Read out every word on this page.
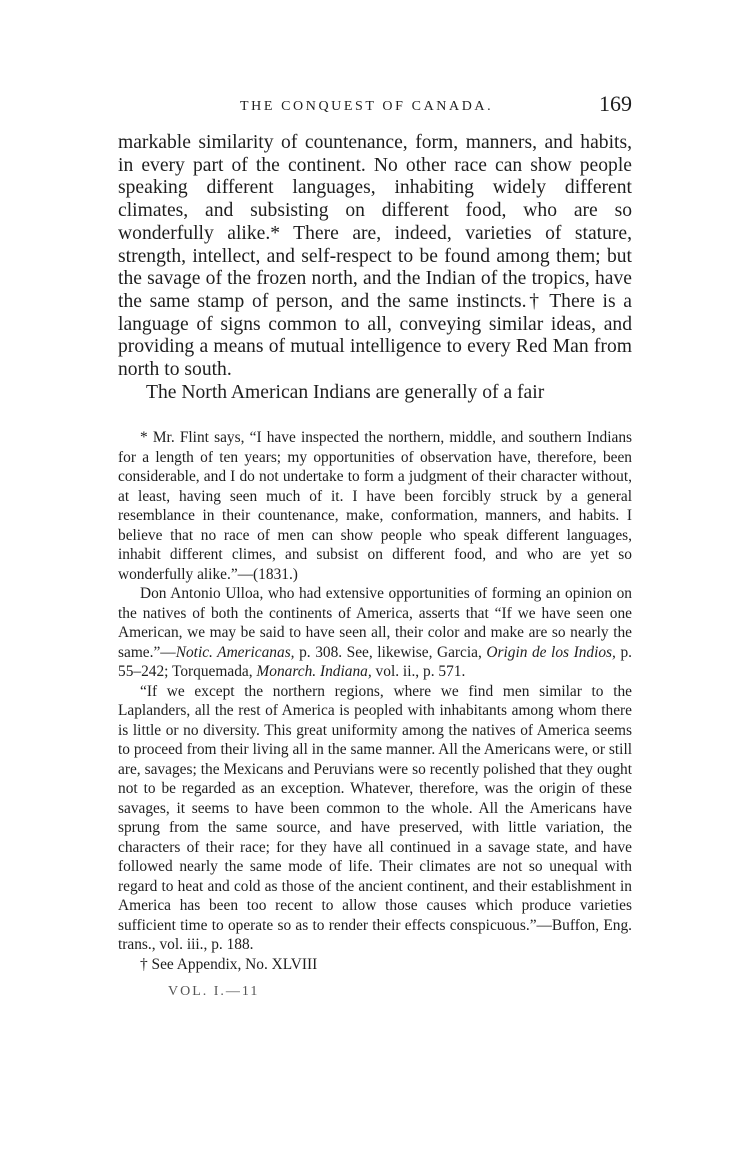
THE CONQUEST OF CANADA.	169

markable similarity of countenance, form, manners, and habits, in every part of the continent. No other race can show people speaking different languages, inhabiting widely different climates, and subsisting on different food, who are so wonderfully alike.* There are, indeed, varieties of stature, strength, intellect, and self-respect to be found among them; but the savage of the frozen north, and the Indian of the tropics, have the same stamp of person, and the same instincts.† There is a language of signs common to all, conveying similar ideas, and providing a means of mutual intelligence to every Red Man from north to south.

The North American Indians are generally of a fair

* Mr. Flint says, “I have inspected the northern, middle, and southern Indians for a length of ten years; my opportunities of observation have, therefore, been considerable, and I do not undertake to form a judgment of their character without, at least, having seen much of it. I have been forcibly struck by a general resemblance in their countenance, make, conformation, manners, and habits. I believe that no race of men can show people who speak different languages, inhabit different climes, and subsist on different food, and who are yet so wonderfully alike.”—(1831.)

Don Antonio Ulloa, who had extensive opportunities of forming an opinion on the natives of both the continents of America, asserts that “If we have seen one American, we may be said to have seen all, their color and make are so nearly the same.”—Notic. Americanas, p. 308. See, likewise, Garcia, Origin de los Indios, p. 55–242; Torquemada, Monarch. Indiana, vol. ii., p. 571.

“If we except the northern regions, where we find men similar to the Laplanders, all the rest of America is peopled with inhabitants among whom there is little or no diversity. This great uniformity among the natives of America seems to proceed from their living all in the same manner. All the Americans were, or still are, savages; the Mexicans and Peruvians were so recently polished that they ought not to be regarded as an exception. Whatever, therefore, was the origin of these savages, it seems to have been common to the whole. All the Americans have sprung from the same source, and have preserved, with little variation, the characters of their race; for they have all continued in a savage state, and have followed nearly the same mode of life. Their climates are not so unequal with regard to heat and cold as those of the ancient continent, and their establishment in America has been too recent to allow those causes which produce varieties sufficient time to operate so as to render their effects conspicuous.”—Buffon, Eng. trans., vol. iii., p. 188.

† See Appendix, No. XLVIII

VOL. I.—11
